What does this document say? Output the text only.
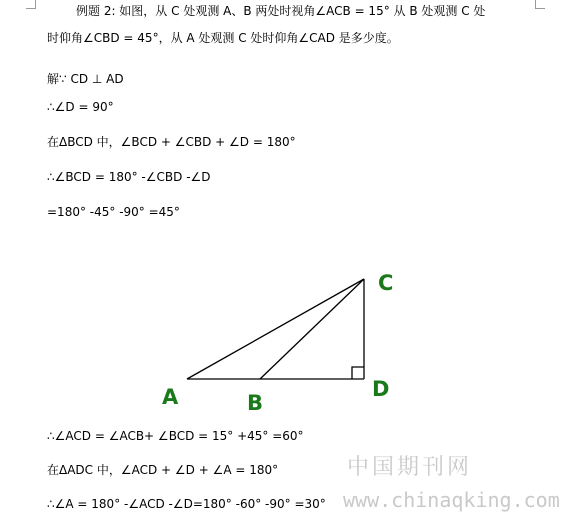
例题 2: 如图，从 C 处观测 A、B 两处时视角∠ACB = 15° 从 B 处观测 C 处
时仰角∠CBD = 45°，从 A 处观测 C 处时仰角∠CAD 是多少度。
解∵ CD ⊥ AD
∴∠D = 90°
在ΔBCD 中，∠BCD + ∠CBD + ∠D = 180°
∴∠BCD = 180° -∠CBD -∠D
=180° -45° -90° =45°
C
A	B
D
∴∠ACD = ∠ACB+ ∠BCD = 15° +45° =60°
在ΔADC 中，∠ACD + ∠D + ∠A = 180°
∴∠A = 180° -∠ACD -∠D=180° -60° -90° =30°
中国期刊网
www.chinaqking.com
